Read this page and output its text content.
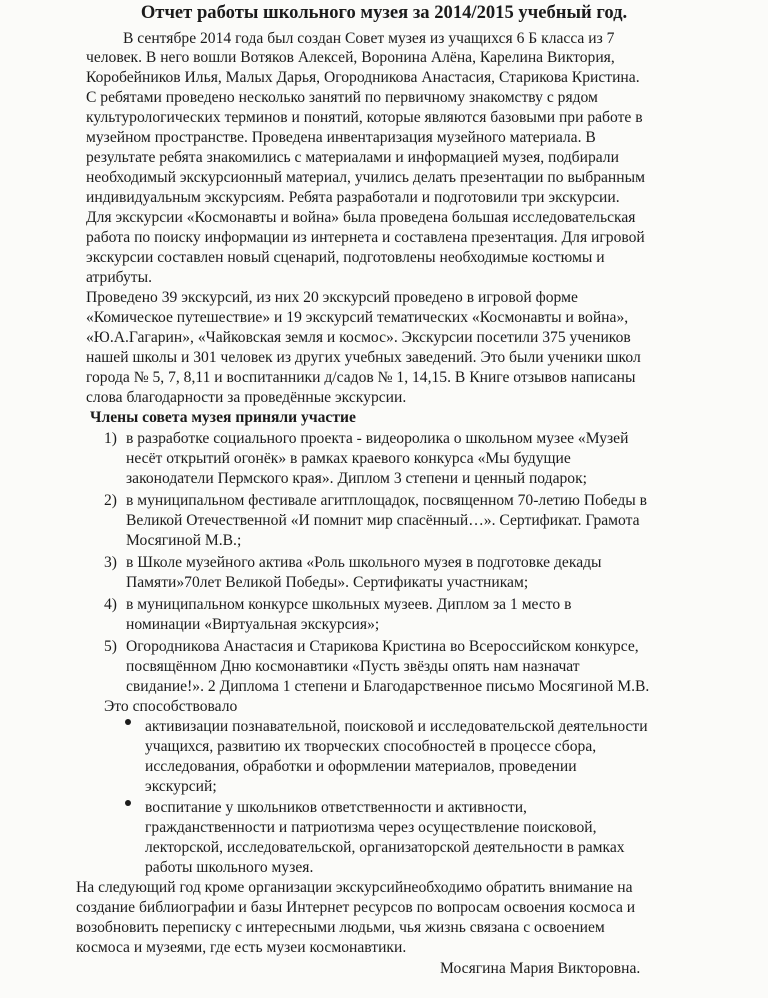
Отчет работы школьного музея за 2014/2015 учебный год.
В сентябре 2014 года был создан Совет музея из учащихся 6 Б класса из 7
человек. В него вошли Вотяков Алексей, Воронина Алёна, Карелина Виктория,
Коробейников Илья, Малых Дарья, Огородникова Анастасия, Старикова Кристина.
С ребятами проведено несколько занятий по первичному знакомству с рядом
культурологических терминов и понятий, которые являются базовыми при работе в
музейном пространстве. Проведена инвентаризация музейного материала. В
результате ребята знакомились с материалами и информацией музея, подбирали
необходимый экскурсионный материал, учились делать презентации по выбранным
индивидуальным экскурсиям. Ребята разработали и подготовили три экскурсии.
Для экскурсии «Космонавты и война» была проведена большая исследовательская
работа по поиску информации из интернета и составлена презентация. Для игровой
экскурсии составлен новый сценарий, подготовлены необходимые костюмы и
атрибуты.
Проведено 39 экскурсий, из них 20 экскурсий проведено в игровой форме
«Комическое путешествие» и 19 экскурсий тематических «Космонавты и война»,
«Ю.А.Гагарин», «Чайковская земля и космос». Экскурсии посетили 375 учеников
нашей школы и 301 человек из других учебных заведений. Это были ученики школ
города № 5, 7, 8,11 и воспитанники д/садов № 1, 14,15. В Книге отзывов написаны
слова благодарности за проведённые экскурсии.
Члены совета музея приняли участие
1) в разработке социального проекта - видеоролика о школьном музее «Музей
несёт открытий огонёк» в рамках краевого конкурса «Мы будущие
законодатели Пермского края». Диплом 3 степени и ценный подарок;
2) в муниципальном фестивале агитплощадок, посвященном 70-летию Победы в
Великой Отечественной «И помнит мир спасённый…». Сертификат. Грамота
Мосягиной М.В.;
3) в Школе музейного актива «Роль школьного музея в подготовке декады
Памяти»70лет Великой Победы». Сертификаты участникам;
4) в муниципальном конкурсе школьных музеев. Диплом за 1 место в
номинации «Виртуальная экскурсия»;
5) Огородникова Анастасия и Старикова Кристина во Всероссийском конкурсе,
посвящённом Дню космонавтики «Пусть звёзды опять нам назначат
свидание!». 2 Диплома 1 степени и Благодарственное письмо Мосягиной М.В.
Это способствовало
активизации познавательной, поисковой и исследовательской деятельности
учащихся, развитию их творческих способностей в процессе сбора,
исследования, обработки и оформлении материалов, проведении
экскурсий;
воспитание у школьников ответственности и активности,
гражданственности и патриотизма через осуществление поисковой,
лекторской, исследовательской, организаторской деятельности в рамках
работы школьного музея.
На следующий год кроме организации экскурсийнеобходимо обратить внимание на
создание библиографии и базы Интернет ресурсов по вопросам освоения космоса и
возобновить переписку с интересными людьми, чья жизнь связана с освоением
космоса и музеями, где есть музеи космонавтики.
Мосягина Мария Викторовна.
